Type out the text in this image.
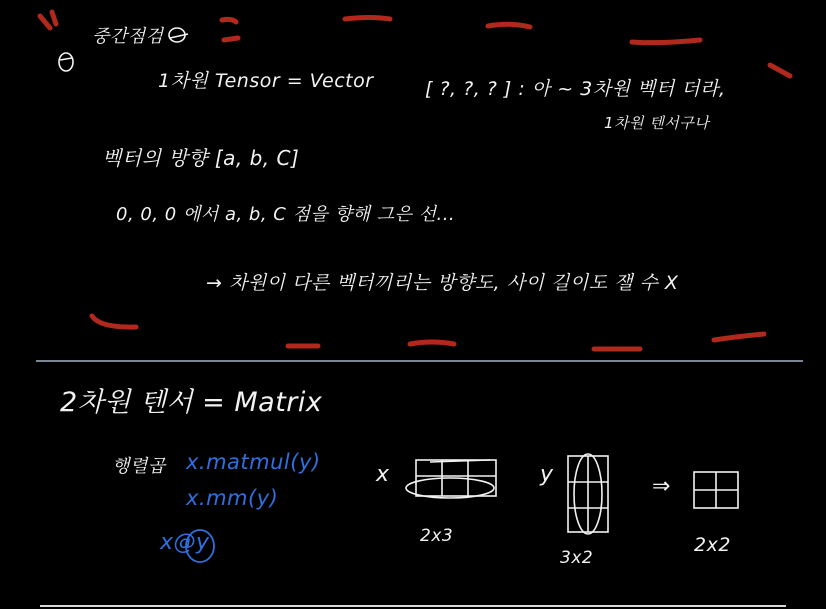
중간점검
1차원 Tensor = Vector	[ ?, ?, ? ] : 아 ~ 3차원 벡터 더라,
1차원 텐서구나
벡터의 방향 [a, b, C]
0, 0, 0 에서 a, b, C 점을 향해 그은 선...
→ 차원이 다른 벡터끼리는 방향도, 사이 길이도 잴 수 X
2차원 텐서 = Matrix
행렬곱 x.matmul(y)
x.mm(y)
x@y
x
2x3
y
3x2
⇒
2x2
